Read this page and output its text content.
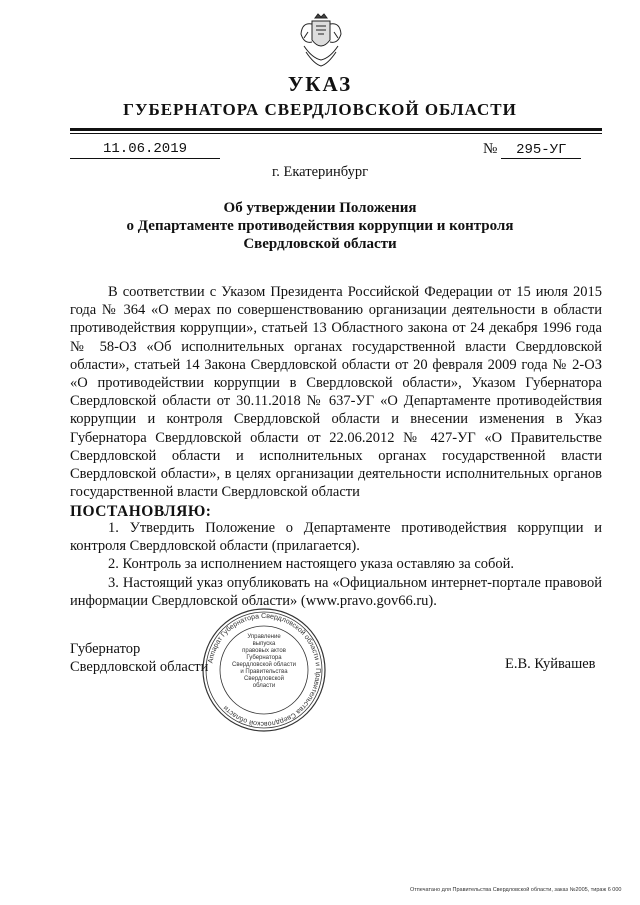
УКАЗ
ГУБЕРНАТОРА СВЕРДЛОВСКОЙ ОБЛАСТИ
11.06.2019	№ 295-УГ
г. Екатеринбург
Об утверждении Положения
о Департаменте противодействия коррупции и контроля
Свердловской области

В соответствии с Указом Президента Российской Федерации от 15 июля 2015 года № 364 «О мерах по совершенствованию организации деятельности в области противодействия коррупции», статьей 13 Областного закона от 24 декабря 1996 года № 58-ОЗ «Об исполнительных органах государственной власти Свердловской области», статьей 14 Закона Свердловской области от 20 февраля 2009 года № 2-ОЗ «О противодействии коррупции в Свердловской области», Указом Губернатора Свердловской области от 30.11.2018 № 637-УГ «О Департаменте противодействия коррупции и контроля Свердловской области и внесении изменения в Указ Губернатора Свердловской области от 22.06.2012 № 427-УГ «О Правительстве Свердловской области и исполнительных органах государственной власти Свердловской области», в целях организации деятельности исполнительных органов государственной власти Свердловской области

ПОСТАНОВЛЯЮ:

1. Утвердить Положение о Департаменте противодействия коррупции и контроля Свердловской области (прилагается).

2. Контроль за исполнением настоящего указа оставляю за собой.

3. Настоящий указ опубликовать на «Официальном интернет-портале правовой информации Свердловской области» (www.pravo.gov66.ru).

Губернатор
Свердловской области Аппарат Губернатора Свердловской области и Правительства Свердловской области
Управление
выпуска
правовых актов
Губернатора
Свердловской области
и Правительства
Свердловской
области
Е.В. Куйвашев
Отпечатано для Правительства Свердловской области, заказ №2005, тираж 6 000
